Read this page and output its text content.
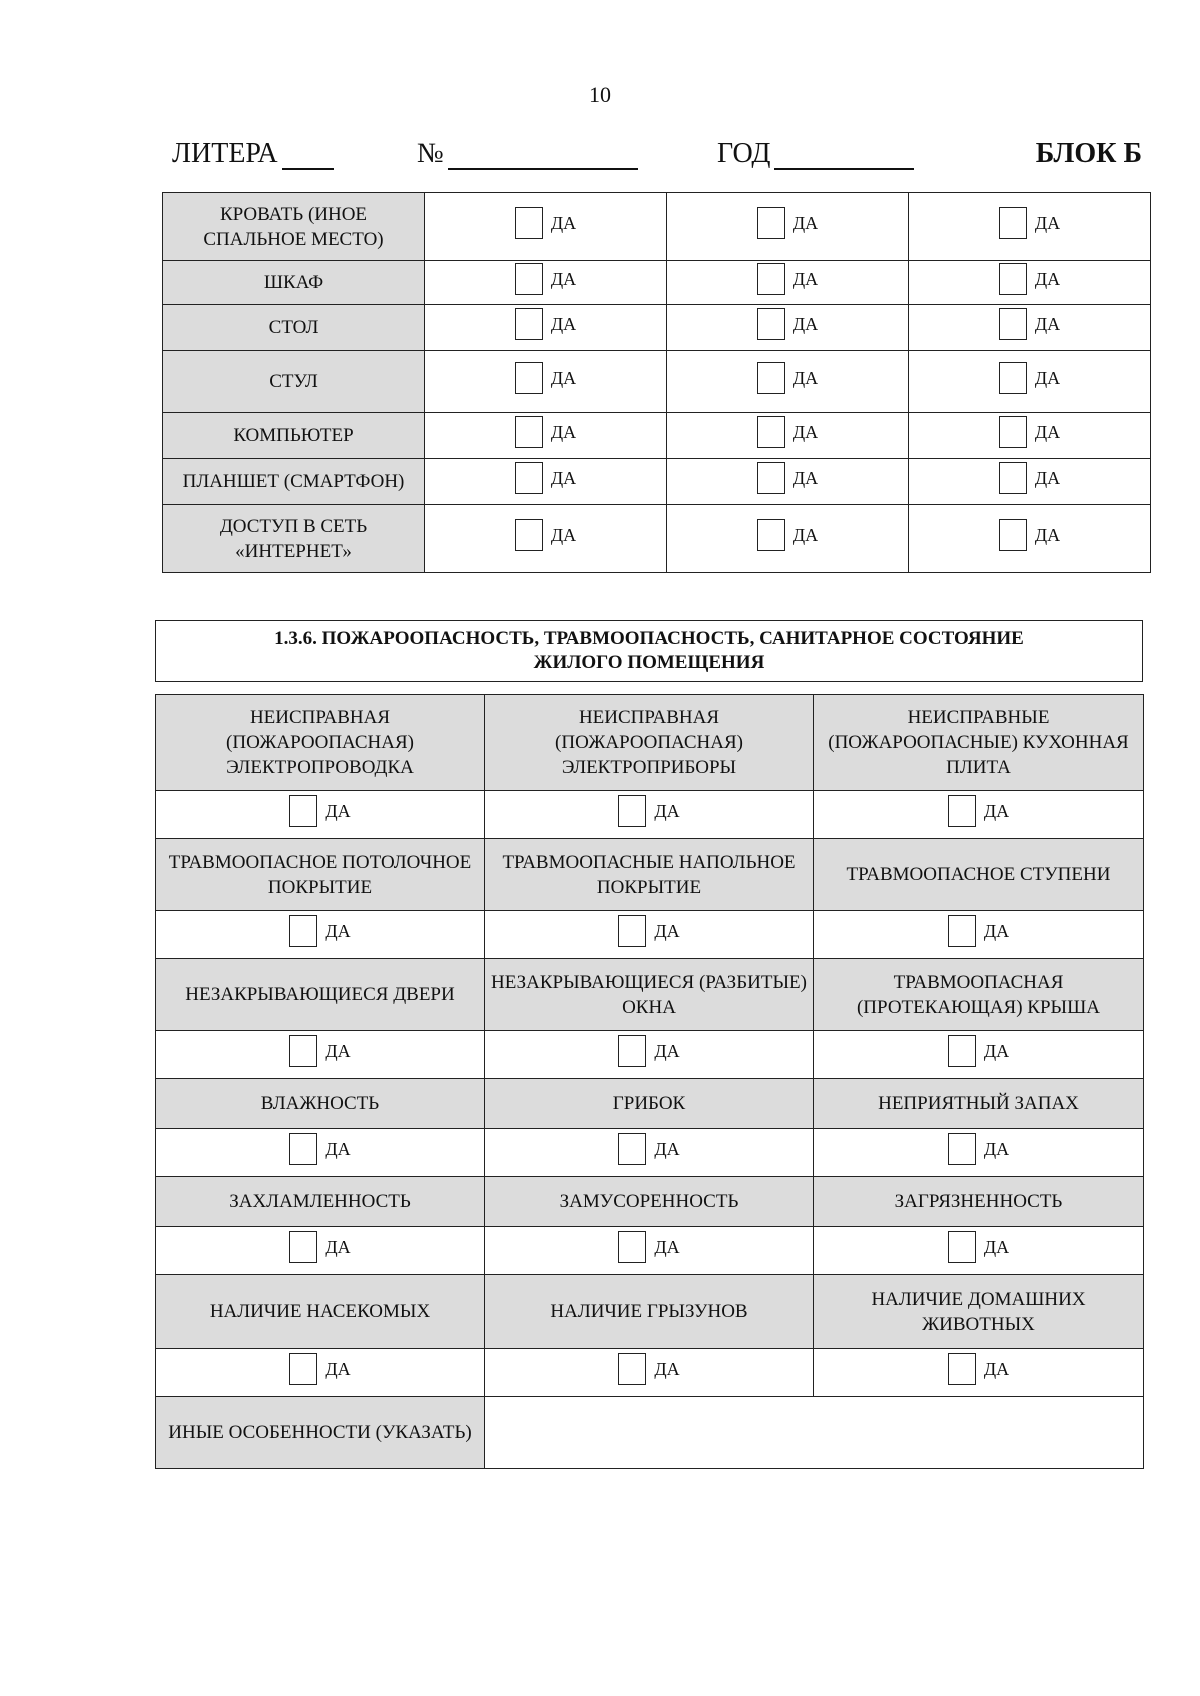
10
ЛИТЕРА	№	ГОД	БЛОК Б
КРОВАТЬ (ИНОЕ СПАЛЬНОЕ МЕСТО)	ДА	ДА	ДА

ШКАФ	ДА	ДА	ДА

СТОЛ	ДА	ДА	ДА

СТУЛ	ДА	ДА	ДА

КОМПЬЮТЕР	ДА	ДА	ДА

ПЛАНШЕТ (СМАРТФОН)	ДА	ДА	ДА

ДОСТУП В СЕТЬ «ИНТЕРНЕТ»	ДА	ДА	ДА
1.3.6. ПОЖАРООПАСНОСТЬ, ТРАВМООПАСНОСТЬ, САНИТАРНОЕ СОСТОЯНИЕ
ЖИЛОГО ПОМЕЩЕНИЯ
НЕИСПРАВНАЯ (ПОЖАРООПАСНАЯ) ЭЛЕКТРОПРОВОДКА	НЕИСПРАВНАЯ (ПОЖАРООПАСНАЯ) ЭЛЕКТРОПРИБОРЫ	НЕИСПРАВНЫЕ (ПОЖАРООПАСНЫЕ) КУХОННАЯ ПЛИТА

ДА	ДА	ДА

ТРАВМООПАСНОЕ ПОТОЛОЧНОЕ ПОКРЫТИЕ	ТРАВМООПАСНЫЕ НАПОЛЬНОЕ ПОКРЫТИЕ	ТРАВМООПАСНОЕ СТУПЕНИ

ДА	ДА	ДА

НЕЗАКРЫВАЮЩИЕСЯ ДВЕРИ	НЕЗАКРЫВАЮЩИЕСЯ (РАЗБИТЫЕ) ОКНА	ТРАВМООПАСНАЯ (ПРОТЕКАЮЩАЯ) КРЫША

ДА	ДА	ДА

ВЛАЖНОСТЬ	ГРИБОК	НЕПРИЯТНЫЙ ЗАПАХ

ДА	ДА	ДА

ЗАХЛАМЛЕННОСТЬ	ЗАМУСОРЕННОСТЬ	ЗАГРЯЗНЕННОСТЬ

ДА	ДА	ДА

НАЛИЧИЕ НАСЕКОМЫХ	НАЛИЧИЕ ГРЫЗУНОВ	НАЛИЧИЕ ДОМАШНИХ ЖИВОТНЫХ

ДА	ДА	ДА

ИНЫЕ ОСОБЕННОСТИ (УКАЗАТЬ)		
